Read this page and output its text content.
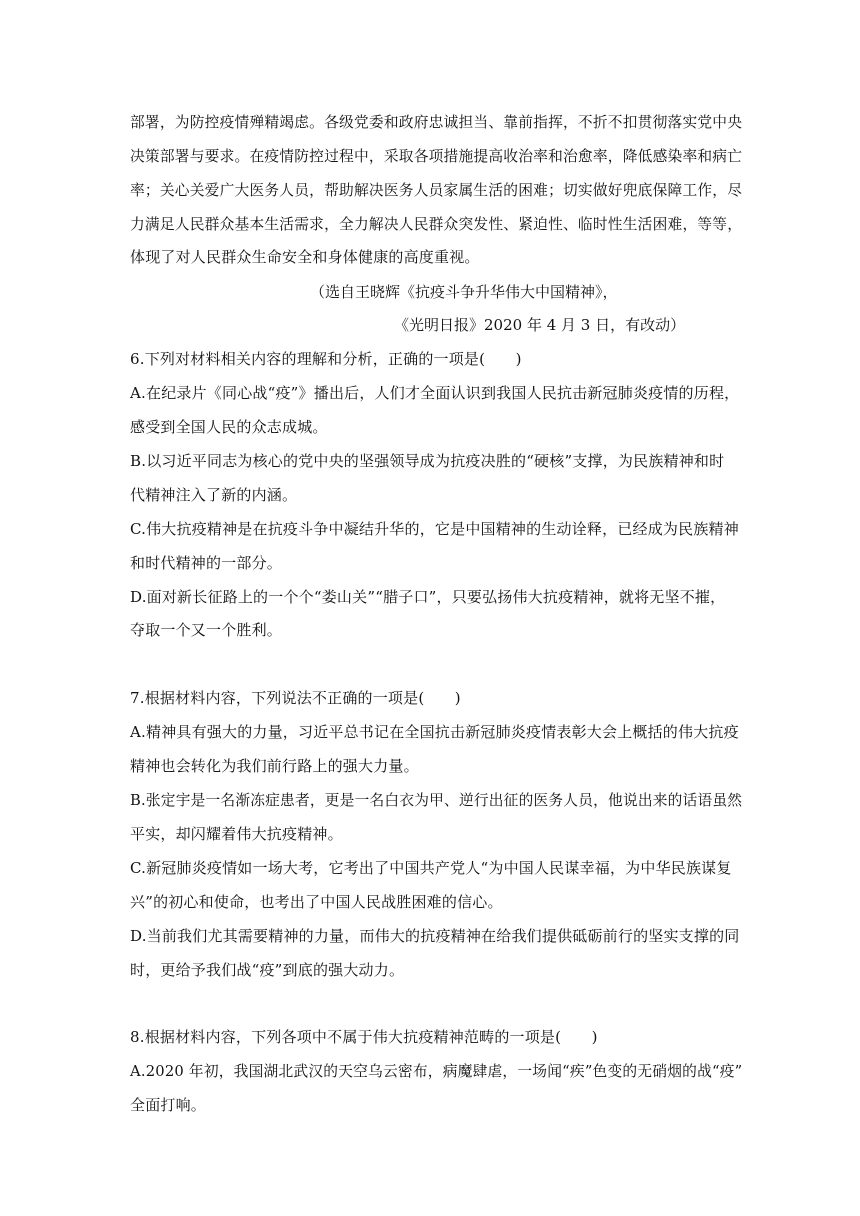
部署，为防控疫情殚精竭虑。各级党委和政府忠诚担当、靠前指挥，不折不扣贯彻落实党中央
决策部署与要求。在疫情防控过程中，采取各项措施提高收治率和治愈率，降低感染率和病亡
率；关心关爱广大医务人员，帮助解决医务人员家属生活的困难；切实做好兜底保障工作，尽
力满足人民群众基本生活需求，全力解决人民群众突发性、紧迫性、临时性生活困难，等等，
体现了对人民群众生命安全和身体健康的高度重视。
（选自王晓辉《抗疫斗争升华伟大中国精神》，
《光明日报》2020 年 4 月 3 日，有改动）
6.下列对材料相关内容的理解和分析，正确的一项是(　　)
A.在纪录片《同心战“疫”》播出后，人们才全面认识到我国人民抗击新冠肺炎疫情的历程，
感受到全国人民的众志成城。
B.以习近平同志为核心的党中央的坚强领导成为抗疫决胜的“硬核”支撑，为民族精神和时
代精神注入了新的内涵。
C.伟大抗疫精神是在抗疫斗争中凝结升华的，它是中国精神的生动诠释，已经成为民族精神
和时代精神的一部分。
D.面对新长征路上的一个个“娄山关”“腊子口”，只要弘扬伟大抗疫精神，就将无坚不摧，
夺取一个又一个胜利。
7.根据材料内容，下列说法不正确的一项是(　　)
A.精神具有强大的力量，习近平总书记在全国抗击新冠肺炎疫情表彰大会上概括的伟大抗疫
精神也会转化为我们前行路上的强大力量。
B.张定宇是一名渐冻症患者，更是一名白衣为甲、逆行出征的医务人员，他说出来的话语虽然
平实，却闪耀着伟大抗疫精神。
C.新冠肺炎疫情如一场大考，它考出了中国共产党人“为中国人民谋幸福，为中华民族谋复
兴”的初心和使命，也考出了中国人民战胜困难的信心。
D.当前我们尤其需要精神的力量，而伟大的抗疫精神在给我们提供砥砺前行的坚实支撑的同
时，更给予我们战“疫”到底的强大动力。
8.根据材料内容，下列各项中不属于伟大抗疫精神范畴的一项是(　　)
A.2020 年初，我国湖北武汉的天空乌云密布，病魔肆虐，一场闻“疾”色变的无硝烟的战“疫”
全面打响。
